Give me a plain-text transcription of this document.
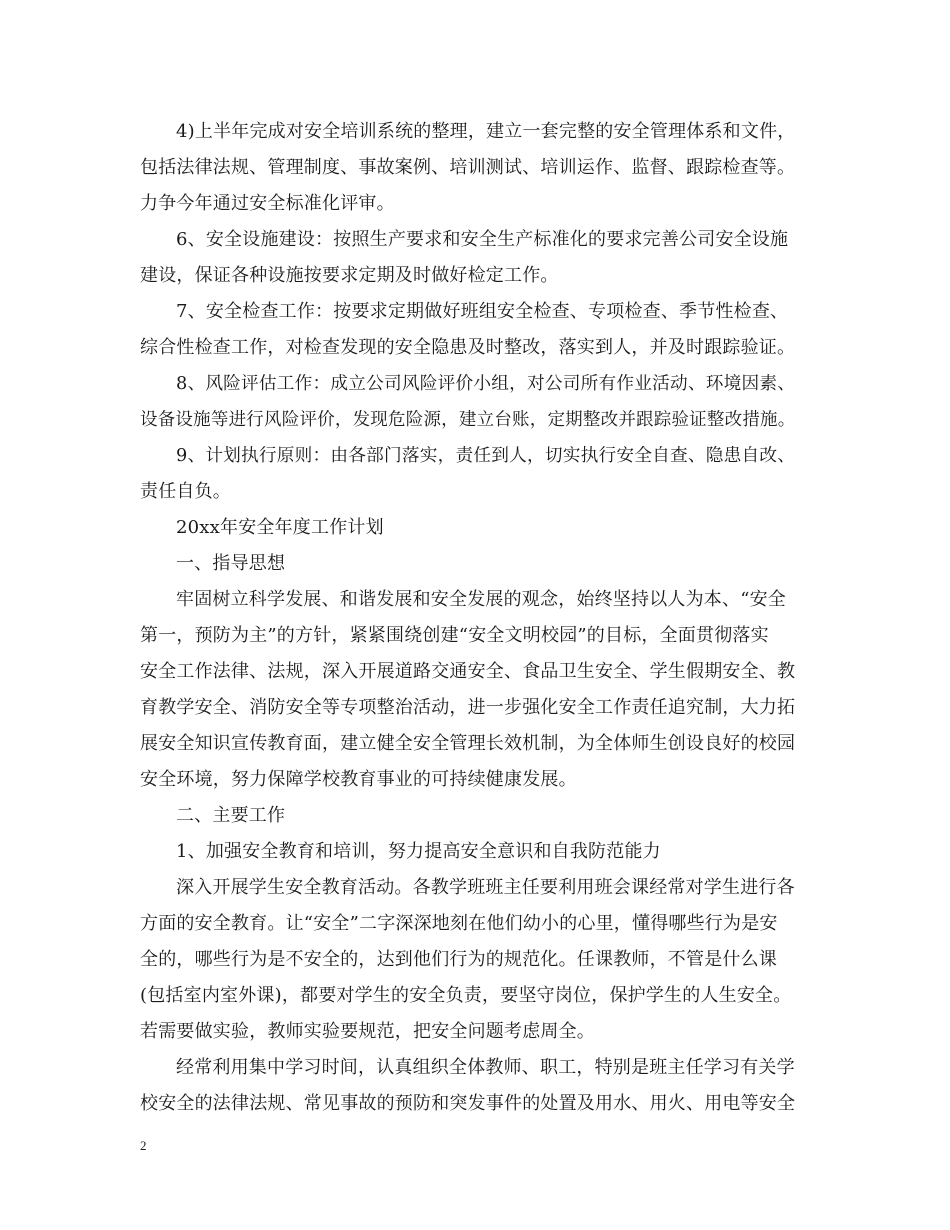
4)上半年完成对安全培训系统的整理，建立一套完整的安全管理体系和文件，
包括法律法规、管理制度、事故案例、培训测试、培训运作、监督、跟踪检查等。
力争今年通过安全标准化评审。

6、安全设施建设：按照生产要求和安全生产标准化的要求完善公司安全设施
建设，保证各种设施按要求定期及时做好检定工作。

7、安全检查工作：按要求定期做好班组安全检查、专项检查、季节性检查、
综合性检查工作，对检查发现的安全隐患及时整改，落实到人，并及时跟踪验证。

8、风险评估工作：成立公司风险评价小组，对公司所有作业活动、环境因素、
设备设施等进行风险评价，发现危险源，建立台账，定期整改并跟踪验证整改措施。

9、计划执行原则：由各部门落实，责任到人，切实执行安全自查、隐患自改、
责任自负。

20xx年安全年度工作计划

一、指导思想

牢固树立科学发展、和谐发展和安全发展的观念，始终坚持以人为本、“安全
第一，预防为主”的方针，紧紧围绕创建“安全文明校园”的目标，全面贯彻落实
安全工作法律、法规，深入开展道路交通安全、食品卫生安全、学生假期安全、教
育教学安全、消防安全等专项整治活动，进一步强化安全工作责任追究制，大力拓
展安全知识宣传教育面，建立健全安全管理长效机制，为全体师生创设良好的校园
安全环境，努力保障学校教育事业的可持续健康发展。

二、主要工作

1、加强安全教育和培训，努力提高安全意识和自我防范能力

深入开展学生安全教育活动。各教学班班主任要利用班会课经常对学生进行各
方面的安全教育。让“安全”二字深深地刻在他们幼小的心里，懂得哪些行为是安
全的，哪些行为是不安全的，达到他们行为的规范化。任课教师，不管是什么课
(包括室内室外课)，都要对学生的安全负责，要坚守岗位，保护学生的人生安全。
若需要做实验，教师实验要规范，把安全问题考虑周全。

经常利用集中学习时间，认真组织全体教师、职工，特别是班主任学习有关学
校安全的法律法规、常见事故的预防和突发事件的处置及用水、用火、用电等安全

2
